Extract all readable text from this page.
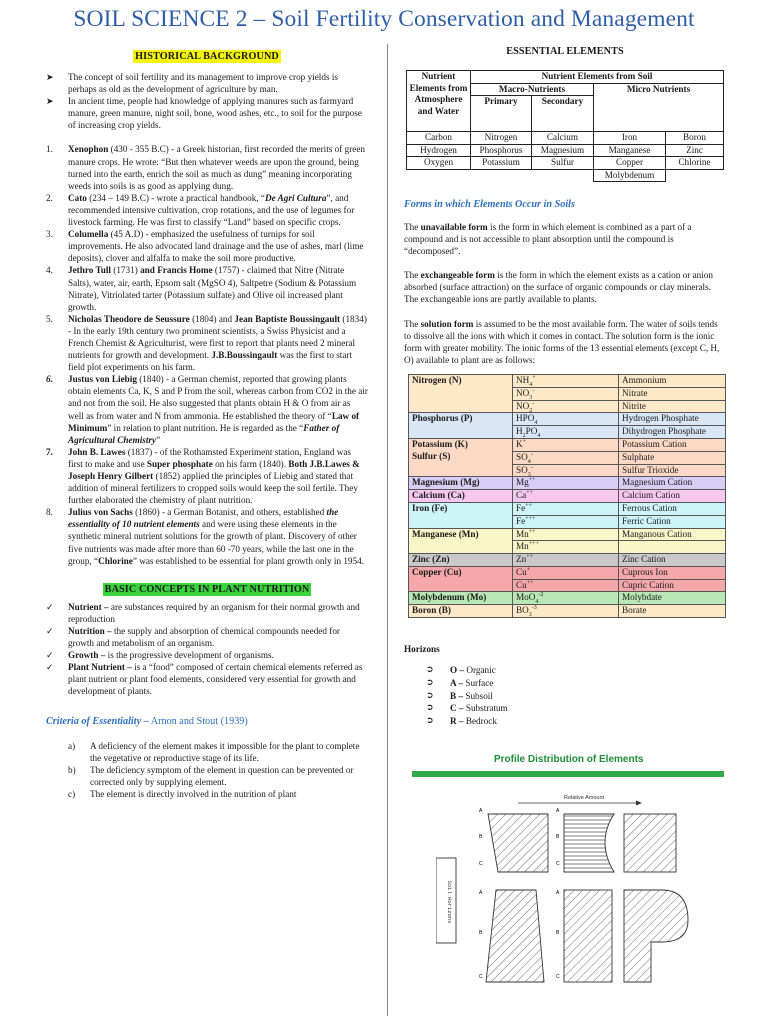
SOIL SCIENCE 2 – Soil Fertility Conservation and Management
HISTORICAL BACKGROUND
➤ The concept of soil fertility and its management to improve crop yields is perhaps as old as the development of agriculture by man.
➤ In ancient time, people had knowledge of applying manures such as farmyard manure, green manure, night soil, bone, wood ashes, etc., to soil for the purpose of increasing crop yields.
1. Xenophon (430 - 355 B.C) - a Greek historian, first recorded the merits of green manure crops. He wrote: “But then whatever weeds are upon the ground, being turned into the earth, enrich the soil as much as dung” meaning incorporating weeds into soils is as good as applying dung.
2. Cato (234 – 149 B.C) - wrote a practical handbook, “De Agri Cultura”, and recommended intensive cultivation, crop rotations, and the use of legumes for livestock farming. He was first to classify “Land” based on specific crops.
3. Columella (45 A.D) - emphasized the usefulness of turnips for soil improvements. He also advocated land drainage and the use of ashes, marl (lime deposits), clover and alfalfa to make the soil more productive.
4. Jethro Tull (1731) and Francis Home (1757) - claimed that Nitre (Nitrate Salts), water, air, earth, Epsom salt (MgSO 4), Saltpetre (Sodium & Potassium Nitrate), Vitriolated tarter (Potassium sulfate) and Olive oil increased plant growth.
5. Nicholas Theodore de Seussure (1804) and Jean Baptiste Boussingault (1834) - In the early 19th century two prominent scientists, a Swiss Physicist and a French Chemist & Agriculturist, were first to report that plants need 2 mineral nutrients for growth and development. J.B.Boussingault was the first to start field plot experiments on his farm.
6. Justus von Liebig (1840) - a German chemist, reported that growing plants obtain elements Ca, K, S and P from the soil, whereas carbon from CO2 in the air and not from the soil. He also suggested that plants obtain H & O from air as well as from water and N from ammonia. He established the theory of “Law of Minimum” in relation to plant nutrition. He is regarded as the “Father of Agricultural Chemistry”
7. John B. Lawes (1837) - of the Rothamsted Experiment station, England was first to make and use Super phosphate on his farm (1840). Both J.B.Lawes & Joseph Henry Gilbert (1852) applied the principles of Liebig and stated that addition of mineral fertilizers to cropped soils would keep the soil fertile. They further elaborated the chemistry of plant nutrition.
8. Julius von Sachs (1860) - a German Botanist, and others, established the essentiality of 10 nutrient elements and were using these elements in the synthetic mineral nutrient solutions for the growth of plant. Discovery of other five nutrients was made after more than 60 -70 years, while the last one in the group, “Chlorine” was established to be essential for plant growth only in 1954.
BASIC CONCEPTS IN PLANT NUTRITION
✓ Nutrient – are substances required by an organism for their normal growth and reproduction
✓ Nutrition – the supply and absorption of chemical compounds needed for growth and metabolism of an organism.
✓ Growth – is the progressive development of organisms.
✓ Plant Nutrient – is a “food” composed of certain chemical elements referred as plant nutrient or plant food elements, considered very essential for growth and development of plants.
Criteria of Essentiality – Arnon and Stout (1939)
a) A deficiency of the element makes it impossible for the plant to complete the vegetative or reproductive stage of its life.
b) The deficiency symptom of the element in question can be prevented or corrected only by supplying element.
c) The element is directly involved in the nutrition of plant
ESSENTIAL ELEMENTS
Nutrient Elements from Atmosphere and Water	Nutrient Elements from Soil			
	Macro-Nutrients		Micro Nutrients	
	Primary	Secondary		
Carbon	Nitrogen	Calcium	Iron	Boron
Hydrogen	Phosphorus	Magnesium	Manganese	Zinc
Oxygen	Potassium	Sulfur	Copper	Chlorine
			Molybdenum	
Forms in which Elements Occur in Soils
The unavailable form is the form in which element is combined as a part of a compound and is not accessible to plant absorption until the compound is “decomposed”.
The exchangeable form is the form in which the element exists as a cation or anion absorbed (surface attraction) on the surface of organic compounds or clay minerals. The exchangeable ions are partly available to plants.
The solution form is assumed to be the most available form. The water of soils tends to dissolve all the ions with which it comes in contact. The solution form is the ionic form with greater mobility. The ionic forms of the 13 essential elements (except C, H, O) available to plant are as follows:
Nitrogen (N)	$NH_4^+$	Ammonium
	$NO_3^-$	Nitrate
	$NO_2^-$	Nitrite
Phosphorus (P)	$HPO_4$	Hydrogen Phosphate
	$H_2PO_4$	Dihydrogen Phosphate
Potassium (K)	K+	Potassium Cation
Sulfur (S)	$SO_4^-$	Sulphate
	$SO_3^-$	Sulfur Trioxide
Magnesium (Mg)	Mg++	Magnesium Cation
Calcium (Ca)	Ca++	Calcium Cation
Iron (Fe)	Fe++	Ferrous Cation
	Fe+++	Ferric Cation
Manganese (Mn)	Mn++	Manganous Cation
	Mn+++	
Zinc (Zn)	Zn++	Zinc Cation
Copper (Cu)	Cu+	Cuprous Ion
	Cu++	Cupric Cation
Molybdenum (Mo)	MoO$_4^{-2}$	Molybdate
Boron (B)	$BO_3^{-3}$	Borate
Horizons
➲ O – Organic
➲ A – Surface
➲ B – Subsoil
➲ C – Substratum
➲ R – Bedrock
Profile Distribution of Elements
Relative Amount
Soil Horizons
A
B
C
A
B
C
A
B
C
A
B
C
